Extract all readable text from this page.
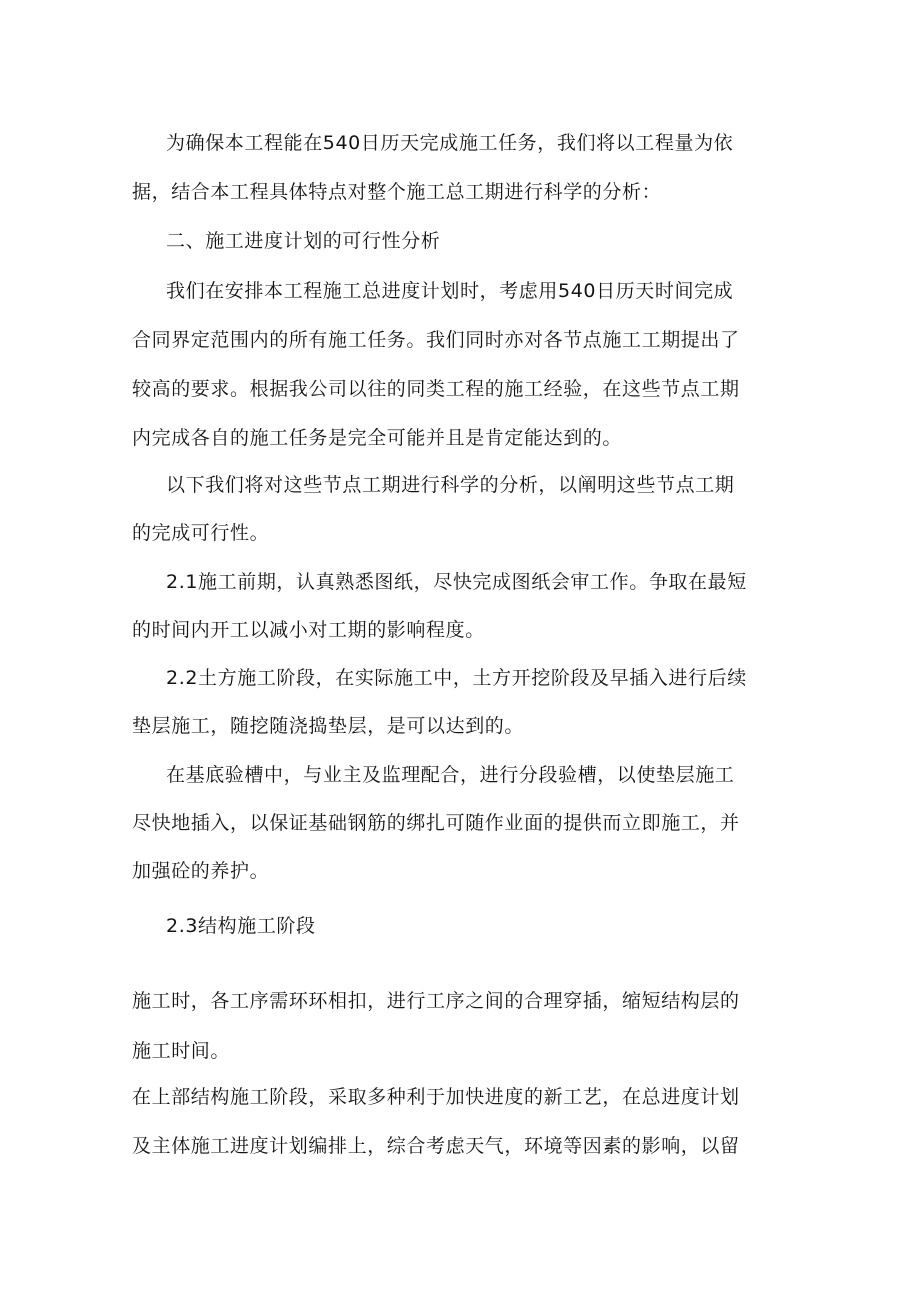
为确保本工程能在540日历天完成施工任务，我们将以工程量为依
据，结合本工程具体特点对整个施工总工期进行科学的分析：
二、施工进度计划的可行性分析
我们在安排本工程施工总进度计划时，考虑用540日历天时间完成
合同界定范围内的所有施工任务。我们同时亦对各节点施工工期提出了
较高的要求。根据我公司以往的同类工程的施工经验，在这些节点工期
内完成各自的施工任务是完全可能并且是肯定能达到的。
以下我们将对这些节点工期进行科学的分析，以阐明这些节点工期
的完成可行性。
2.1施工前期，认真熟悉图纸，尽快完成图纸会审工作。争取在最短
的时间内开工以减小对工期的影响程度。
2.2土方施工阶段，在实际施工中，土方开挖阶段及早插入进行后续
垫层施工，随挖随浇捣垫层，是可以达到的。
在基底验槽中，与业主及监理配合，进行分段验槽，以使垫层施工
尽快地插入，以保证基础钢筋的绑扎可随作业面的提供而立即施工，并
加强砼的养护。
2.3结构施工阶段
施工时，各工序需环环相扣，进行工序之间的合理穿插，缩短结构层的
施工时间。
在上部结构施工阶段，采取多种利于加快进度的新工艺，在总进度计划
及主体施工进度计划编排上，综合考虑天气，环境等因素的影响，以留
